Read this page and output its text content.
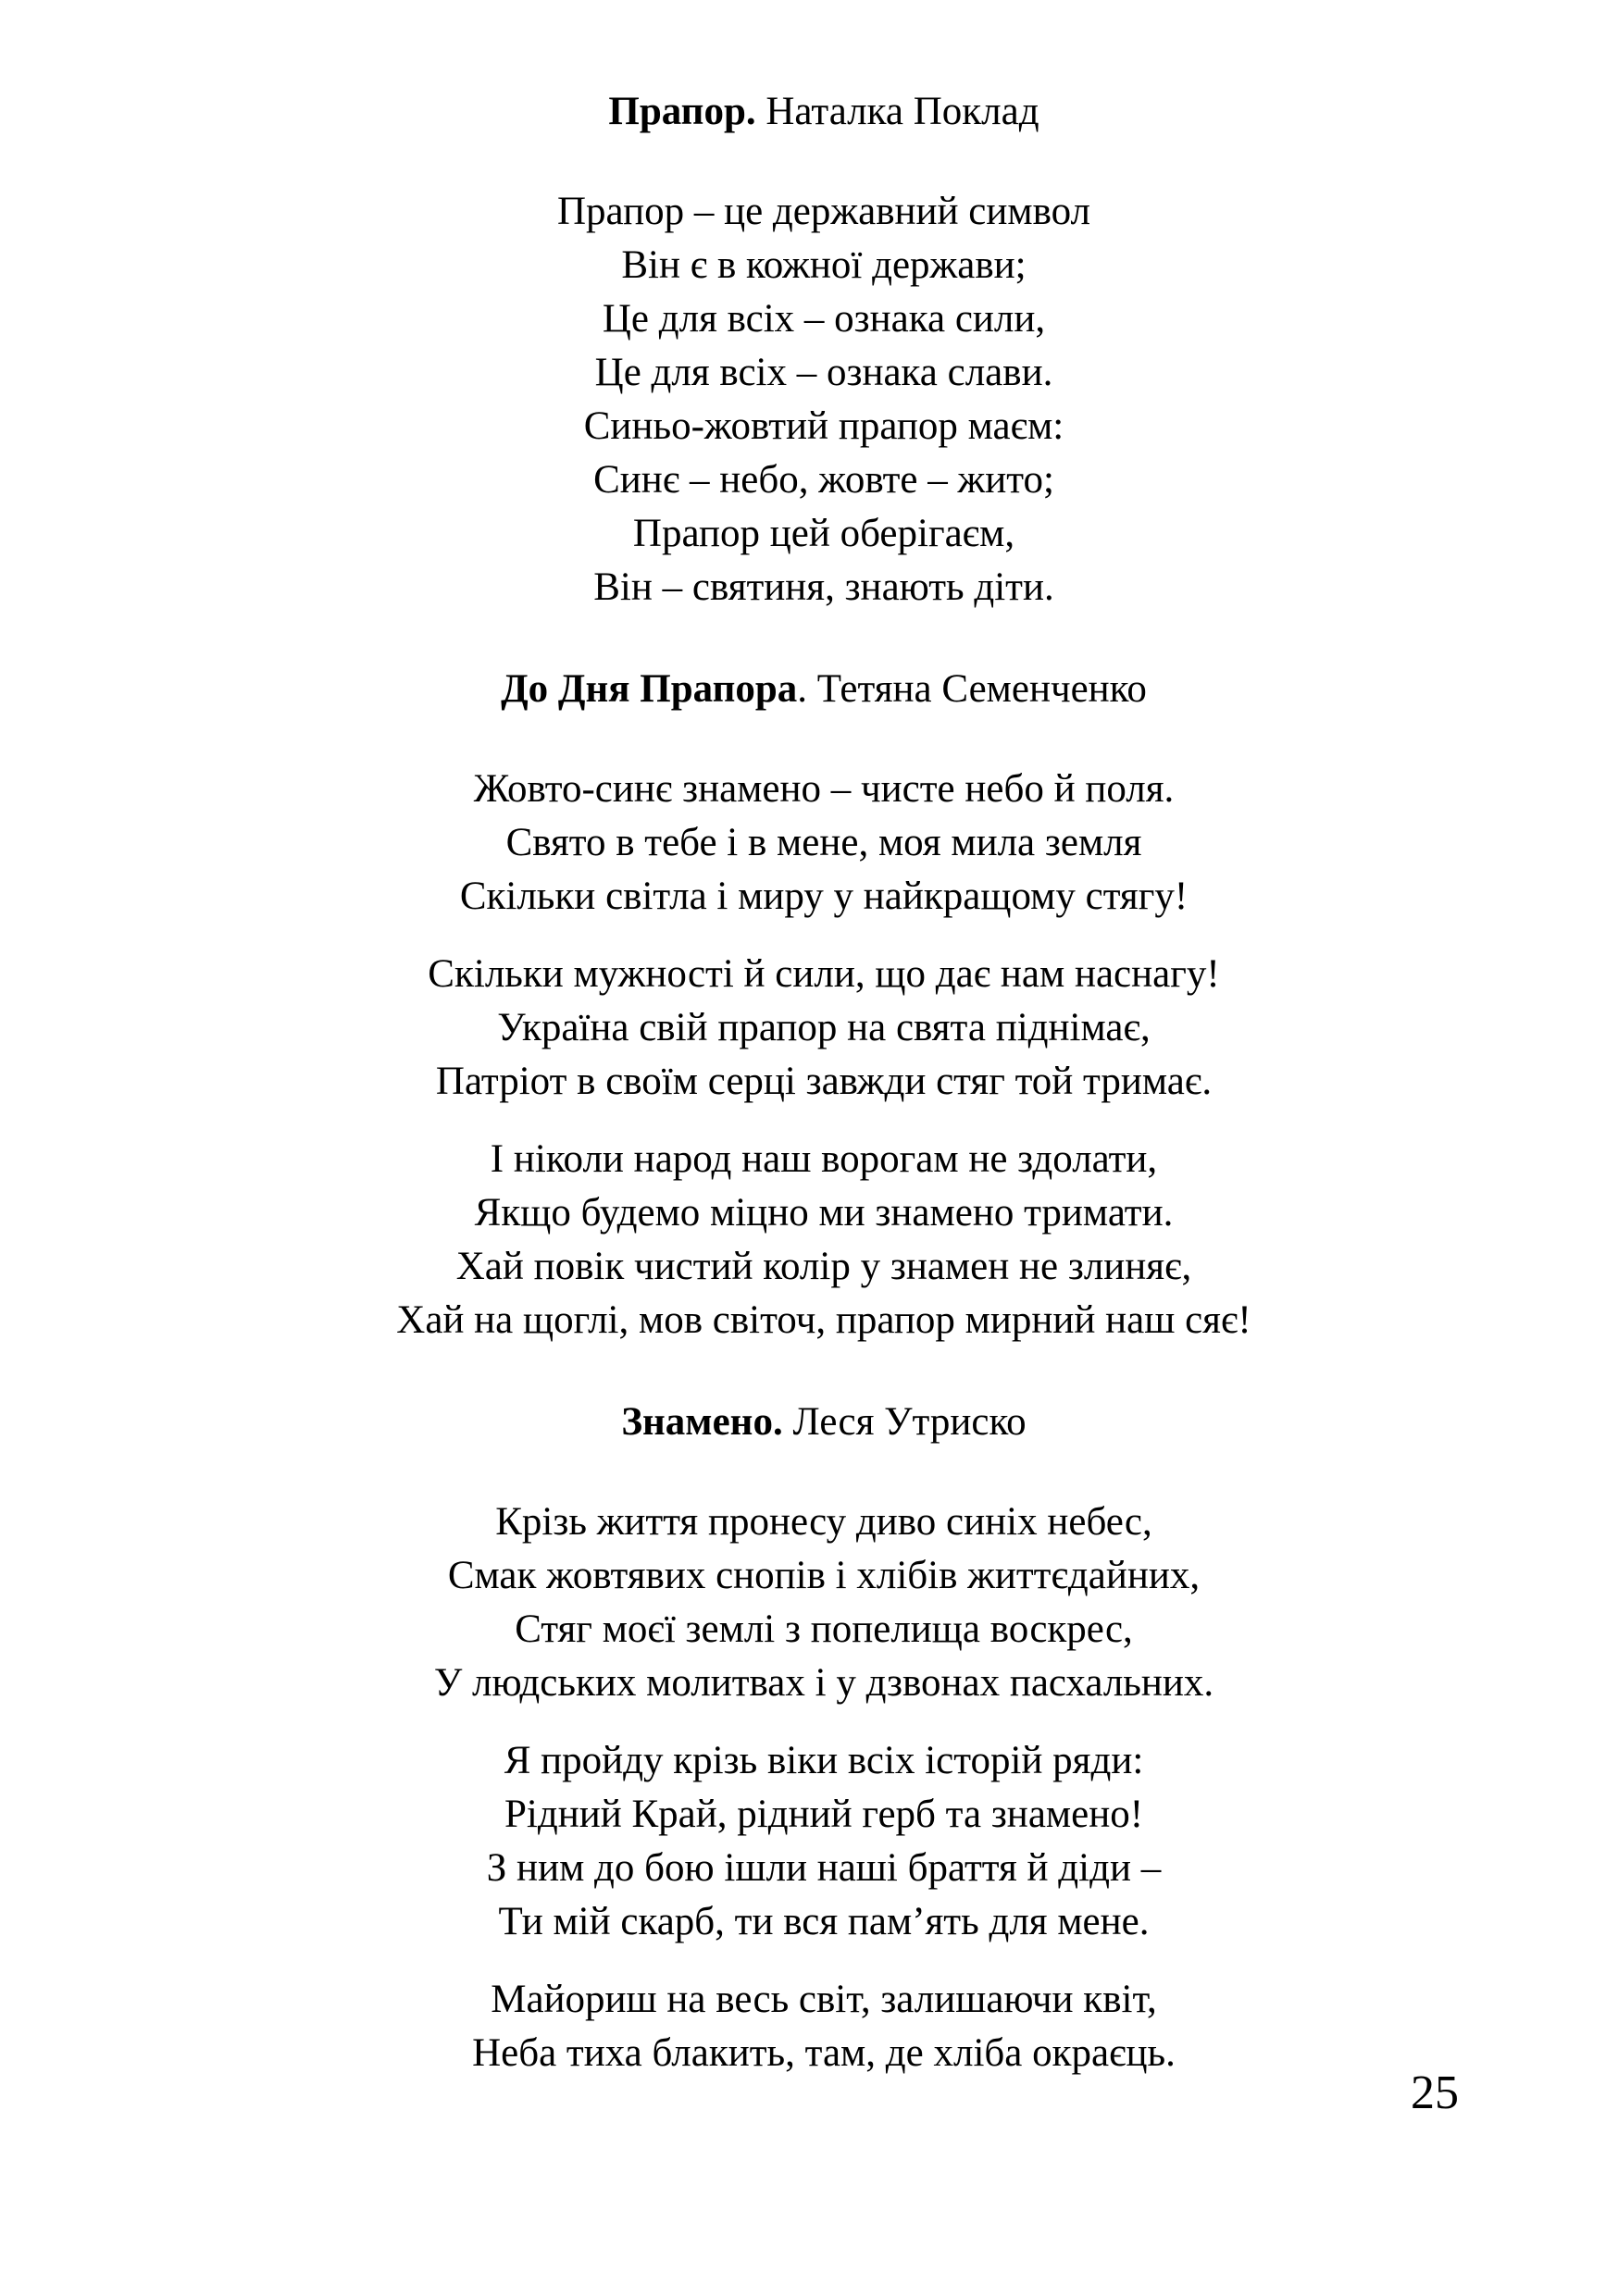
Прапор. Наталка Поклад
Прапор – це державний символ
Він є в кожної держави;
Це для всіх – ознака сили,
Це для всіх – ознака слави.
Синьо-жовтий прапор маєм:
Синє – небо, жовте – жито;
Прапор цей оберігаєм,
Він – святиня, знають діти.
До Дня Прапора. Тетяна Семенченко
Жовто-синє знамено – чисте небо й поля.
Свято в тебе і в мене, моя мила земля
Скільки світла і миру у найкращому стягу!
Скільки мужності й сили, що дає нам наснагу!
Україна свій прапор на свята піднімає,
Патріот в своїм серці завжди стяг той тримає.
І ніколи народ наш ворогам не здолати,
Якщо будемо міцно ми знамено тримати.
Хай повік чистий колір у знамен не злиняє,
Хай на щоглі, мов світоч, прапор мирний наш сяє!
Знамено. Леся Утриско
Крізь життя пронесу диво синіх небес,
Смак жовтявих снопів і хлібів життєдайних,
Стяг моєї землі з попелища воскрес,
У людських молитвах і у дзвонах пасхальних.
Я пройду крізь віки всіх історій ряди:
Рідний Край, рідний герб та знамено!
З ним до бою ішли наші браття й діди –
Ти мій скарб, ти вся пам’ять для мене.
Майориш на весь світ, залишаючи квіт,
Неба тиха блакить, там, де хліба окраєць.
25
